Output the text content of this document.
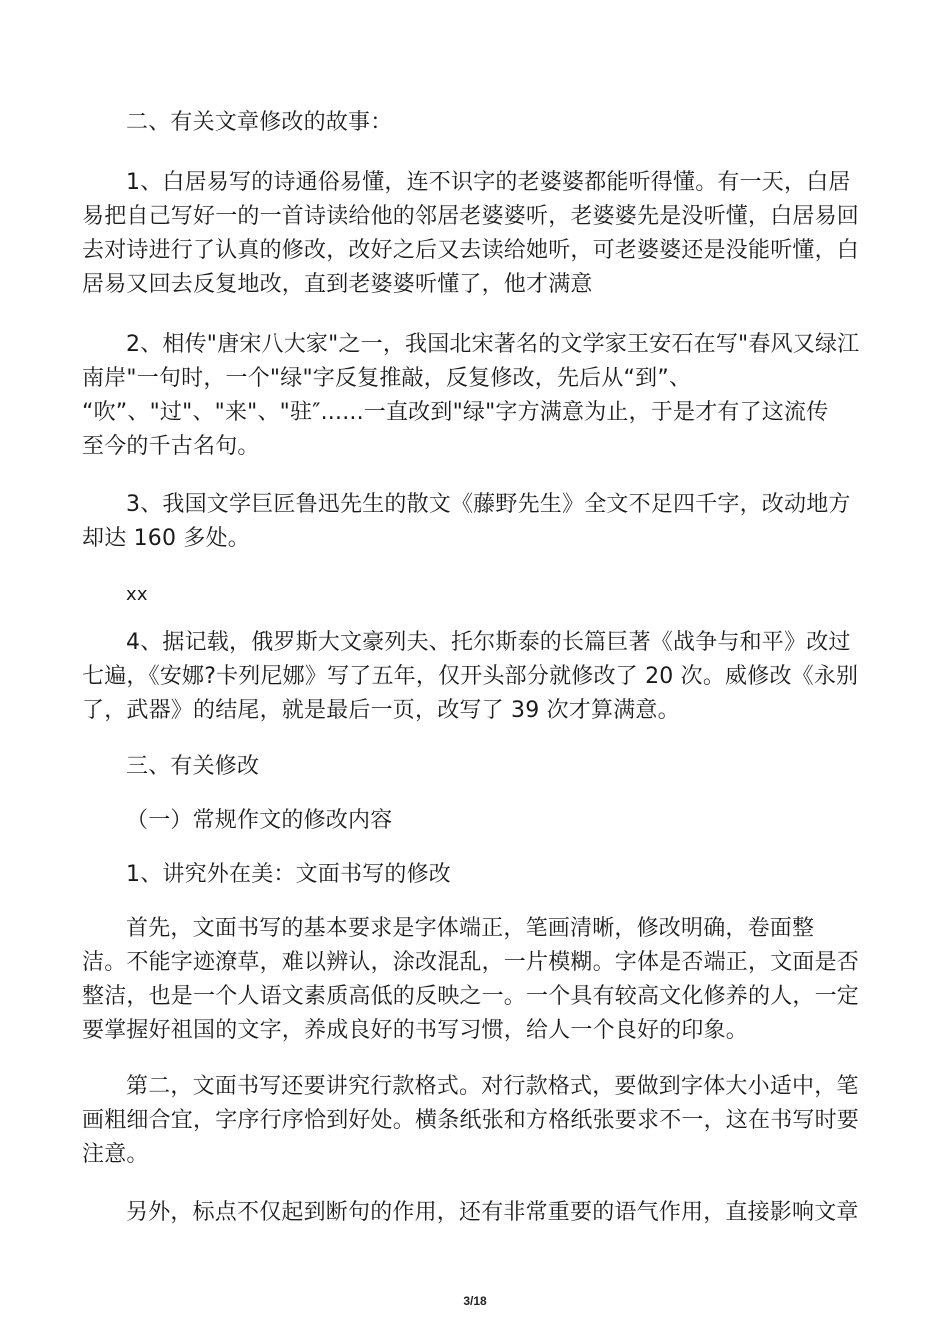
二、有关文章修改的故事：
1、白居易写的诗通俗易懂，连不识字的老婆婆都能听得懂。有一天，白居
易把自己写好一的一首诗读给他的邻居老婆婆听，老婆婆先是没听懂，白居易回
去对诗进行了认真的修改，改好之后又去读给她听，可老婆婆还是没能听懂，白
居易又回去反复地改，直到老婆婆听懂了，他才满意
2、相传"唐宋八大家"之一，我国北宋著名的文学家王安石在写"春风又绿江
南岸"一句时，一个"绿"字反复推敲，反复修改，先后从“到”、
“吹”、"过"、"来"、"驻″......一直改到"绿"字方满意为止，于是才有了这流传
至今的千古名句。
3、我国文学巨匠鲁迅先生的散文《藤野先生》全文不足四千字，改动地方
却达 160 多处。
xx
4、据记载，俄罗斯大文豪列夫、托尔斯泰的长篇巨著《战争与和平》改过
七遍，《安娜?卡列尼娜》写了五年，仅开头部分就修改了 20 次。威修改《永别
了，武器》的结尾，就是最后一页，改写了 39 次才算满意。
三、有关修改
（一）常规作文的修改内容
1、讲究外在美：文面书写的修改
首先，文面书写的基本要求是字体端正，笔画清晰，修改明确，卷面整
洁。不能字迹潦草，难以辨认，涂改混乱，一片模糊。字体是否端正，文面是否
整洁，也是一个人语文素质高低的反映之一。一个具有较高文化修养的人，一定
要掌握好祖国的文字，养成良好的书写习惯，给人一个良好的印象。
第二，文面书写还要讲究行款格式。对行款格式，要做到字体大小适中，笔
画粗细合宜，字序行序恰到好处。横条纸张和方格纸张要求不一，这在书写时要
注意。
另外，标点不仅起到断句的作用，还有非常重要的语气作用，直接影响文章
3/18
